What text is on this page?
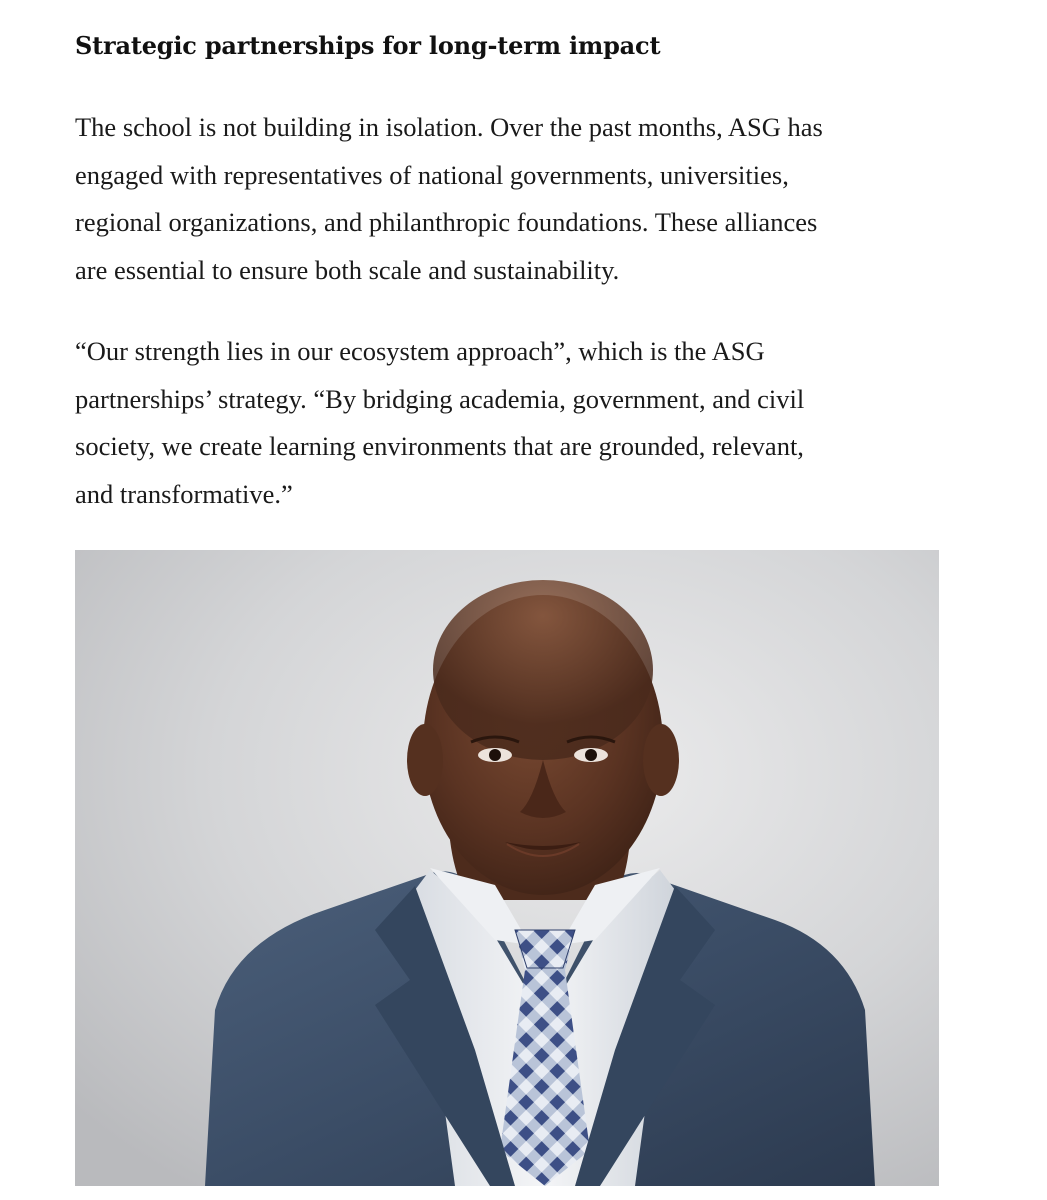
Strategic partnerships for long-term impact

The school is not building in isolation. Over the past months, ASG has
engaged with representatives of national governments, universities,
regional organizations, and philanthropic foundations. These alliances
are essential to ensure both scale and sustainability.

“Our strength lies in our ecosystem approach”, which is the ASG
partnerships’ strategy. “By bridging academia, government, and civil
society, we create learning environments that are grounded, relevant,
and transformative.”
